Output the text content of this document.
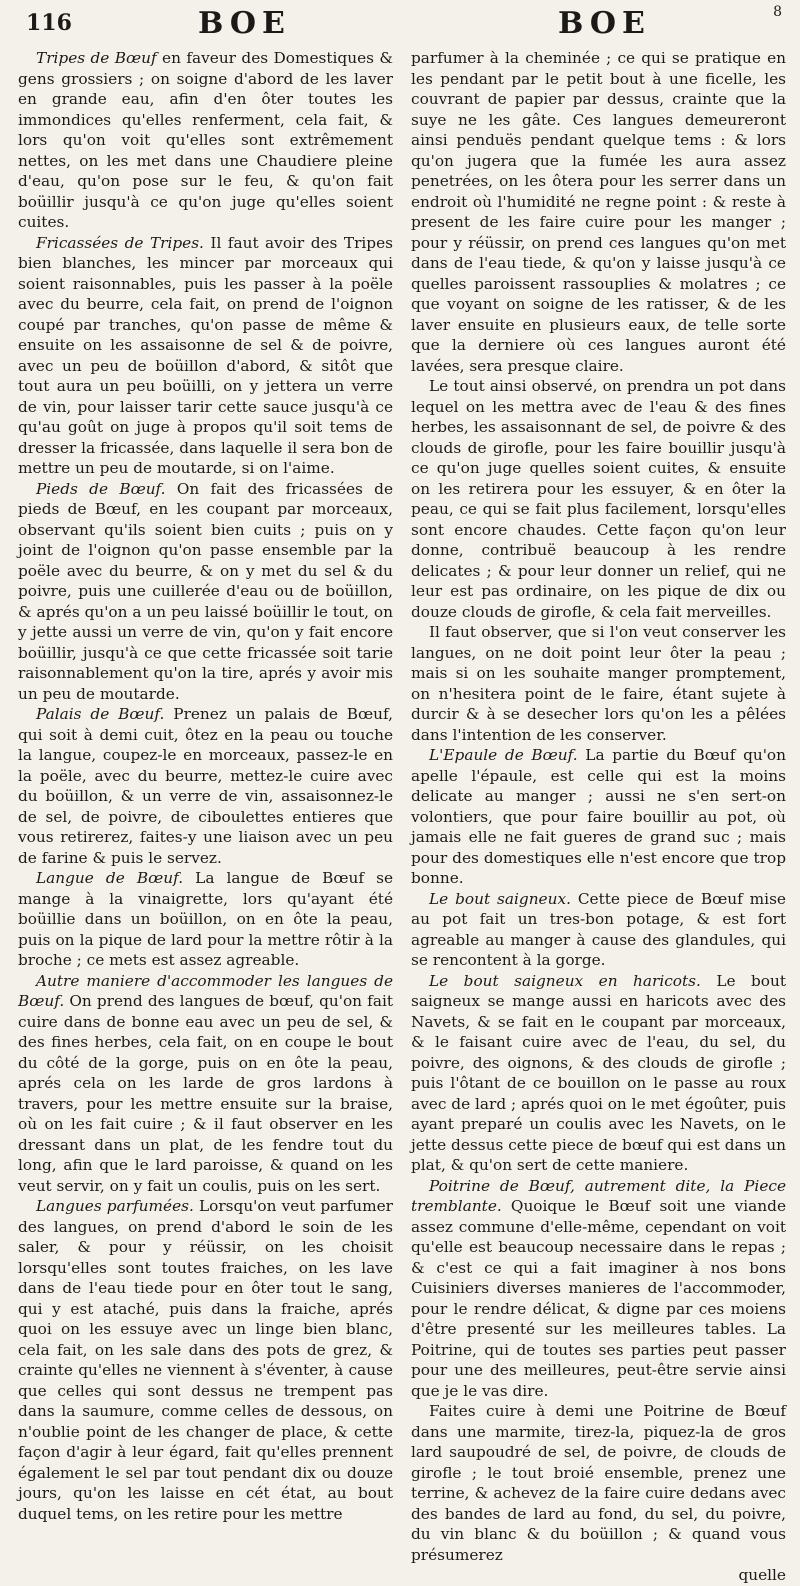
116	BOE	BOE	8

Tripes de Bœuf en faveur des Domestiques & gens grossiers ; on soigne d'abord de les laver en grande eau, afin d'en ôter toutes les immondices qu'elles renferment, cela fait, & lors qu'on voit qu'elles sont extrêmement nettes, on les met dans une Chaudiere pleine d'eau, qu'on pose sur le feu, & qu'on fait boüillir jusqu'à ce qu'on juge qu'elles soient cuites.

Fricassées de Tripes. Il faut avoir des Tripes bien blanches, les mincer par morceaux qui soient raisonnables, puis les passer à la poële avec du beurre, cela fait, on prend de l'oignon coupé par tranches, qu'on passe de même & ensuite on les assaisonne de sel & de poivre, avec un peu de boüillon d'abord, & sitôt que tout aura un peu boüilli, on y jettera un verre de vin, pour laisser tarir cette sauce jusqu'à ce qu'au goût on juge à propos qu'il soit tems de dresser la fricassée, dans laquelle il sera bon de mettre un peu de moutarde, si on l'aime.

Pieds de Bœuf. On fait des fricassées de pieds de Bœuf, en les coupant par morceaux, observant qu'ils soient bien cuits ; puis on y joint de l'oignon qu'on passe ensemble par la poële avec du beurre, & on y met du sel & du poivre, puis une cuillerée d'eau ou de boüillon, & aprés qu'on a un peu laissé boüillir le tout, on y jette aussi un verre de vin, qu'on y fait encore boüillir, jusqu'à ce que cette fricassée soit tarie raisonnablement qu'on la tire, aprés y avoir mis un peu de moutarde.

Palais de Bœuf. Prenez un palais de Bœuf, qui soit à demi cuit, ôtez en la peau ou touche la langue, coupez-le en morceaux, passez-le en la poële, avec du beurre, mettez-le cuire avec du boüillon, & un verre de vin, assaisonnez-le de sel, de poivre, de ciboulettes entieres que vous retirerez, faites-y une liaison avec un peu de farine & puis le servez.

Langue de Bœuf. La langue de Bœuf se mange à la vinaigrette, lors qu'ayant été boüillie dans un boüillon, on en ôte la peau, puis on la pique de lard pour la mettre rôtir à la broche ; ce mets est assez agreable.

Autre maniere d'accommoder les langues de Bœuf. On prend des langues de bœuf, qu'on fait cuire dans de bonne eau avec un peu de sel, & des fines herbes, cela fait, on en coupe le bout du côté de la gorge, puis on en ôte la peau, aprés cela on les larde de gros lardons à travers, pour les mettre ensuite sur la braise, où on les fait cuire ; & il faut observer en les dressant dans un plat, de les fendre tout du long, afin que le lard paroisse, & quand on les veut servir, on y fait un coulis, puis on les sert.

Langues parfumées. Lorsqu'on veut parfumer des langues, on prend d'abord le soin de les saler, & pour y réüssir, on les choisit lorsqu'elles sont toutes fraiches, on les lave dans de l'eau tiede pour en ôter tout le sang, qui y est ataché, puis dans la fraiche, aprés quoi on les essuye avec un linge bien blanc, cela fait, on les sale dans des pots de grez, & crainte qu'elles ne viennent à s'éventer, à cause que celles qui sont dessus ne trempent pas dans la saumure, comme celles de dessous, on n'oublie point de les changer de place, & cette façon d'agir à leur égard, fait qu'elles prennent également le sel par tout pendant dix ou douze jours, qu'on les laisse en cét état, au bout duquel tems, on les retire pour les mettre

parfumer à la cheminée ; ce qui se pratique en les pendant par le petit bout à une ficelle, les couvrant de papier par dessus, crainte que la suye ne les gâte. Ces langues demeureront ainsi penduës pendant quelque tems : & lors qu'on jugera que la fumée les aura assez penetrées, on les ôtera pour les serrer dans un endroit où l'humidité ne regne point : & reste à present de les faire cuire pour les manger ; pour y réüssir, on prend ces langues qu'on met dans de l'eau tiede, & qu'on y laisse jusqu'à ce quelles paroissent rassouplies & molatres ; ce que voyant on soigne de les ratisser, & de les laver ensuite en plusieurs eaux, de telle sorte que la derniere où ces langues auront été lavées, sera presque claire.

Le tout ainsi observé, on prendra un pot dans lequel on les mettra avec de l'eau & des fines herbes, les assaisonnant de sel, de poivre & des clouds de girofle, pour les faire bouillir jusqu'à ce qu'on juge quelles soient cuites, & ensuite on les retirera pour les essuyer, & en ôter la peau, ce qui se fait plus facilement, lorsqu'elles sont encore chaudes. Cette façon qu'on leur donne, contribuë beaucoup à les rendre delicates ; & pour leur donner un relief, qui ne leur est pas ordinaire, on les pique de dix ou douze clouds de girofle, & cela fait merveilles.

Il faut observer, que si l'on veut conserver les langues, on ne doit point leur ôter la peau ; mais si on les souhaite manger promptement, on n'hesitera point de le faire, étant sujete à durcir & à se desecher lors qu'on les a pêlées dans l'intention de les conserver.

L'Epaule de Bœuf. La partie du Bœuf qu'on apelle l'épaule, est celle qui est la moins delicate au manger ; aussi ne s'en sert-on volontiers, que pour faire bouillir au pot, où jamais elle ne fait gueres de grand suc ; mais pour des domestiques elle n'est encore que trop bonne.

Le bout saigneux. Cette piece de Bœuf mise au pot fait un tres-bon potage, & est fort agreable au manger à cause des glandules, qui se rencontent à la gorge.

Le bout saigneux en haricots. Le bout saigneux se mange aussi en haricots avec des Navets, & se fait en le coupant par morceaux, & le faisant cuire avec de l'eau, du sel, du poivre, des oignons, & des clouds de girofle ; puis l'ôtant de ce bouillon on le passe au roux avec de lard ; aprés quoi on le met égoûter, puis ayant preparé un coulis avec les Navets, on le jette dessus cette piece de bœuf qui est dans un plat, & qu'on sert de cette maniere.

Poitrine de Bœuf, autrement dite, la Piece tremblante. Quoique le Bœuf soit une viande assez commune d'elle-même, cependant on voit qu'elle est beaucoup necessaire dans le repas ; & c'est ce qui a fait imaginer à nos bons Cuisiniers diverses manieres de l'accommoder, pour le rendre délicat, & digne par ces moiens d'être presenté sur les meilleures tables. La Poitrine, qui de toutes ses parties peut passer pour une des meilleures, peut-être servie ainsi que je le vas dire.

Faites cuire à demi une Poitrine de Bœuf dans une marmite, tirez-la, piquez-la de gros lard saupoudré de sel, de poivre, de clouds de girofle ; le tout broié ensemble, prenez une terrine, & achevez de la faire cuire dedans avec des bandes de lard au fond, du sel, du poivre, du vin blanc & du boüillon ; & quand vous présumerez

quelle
